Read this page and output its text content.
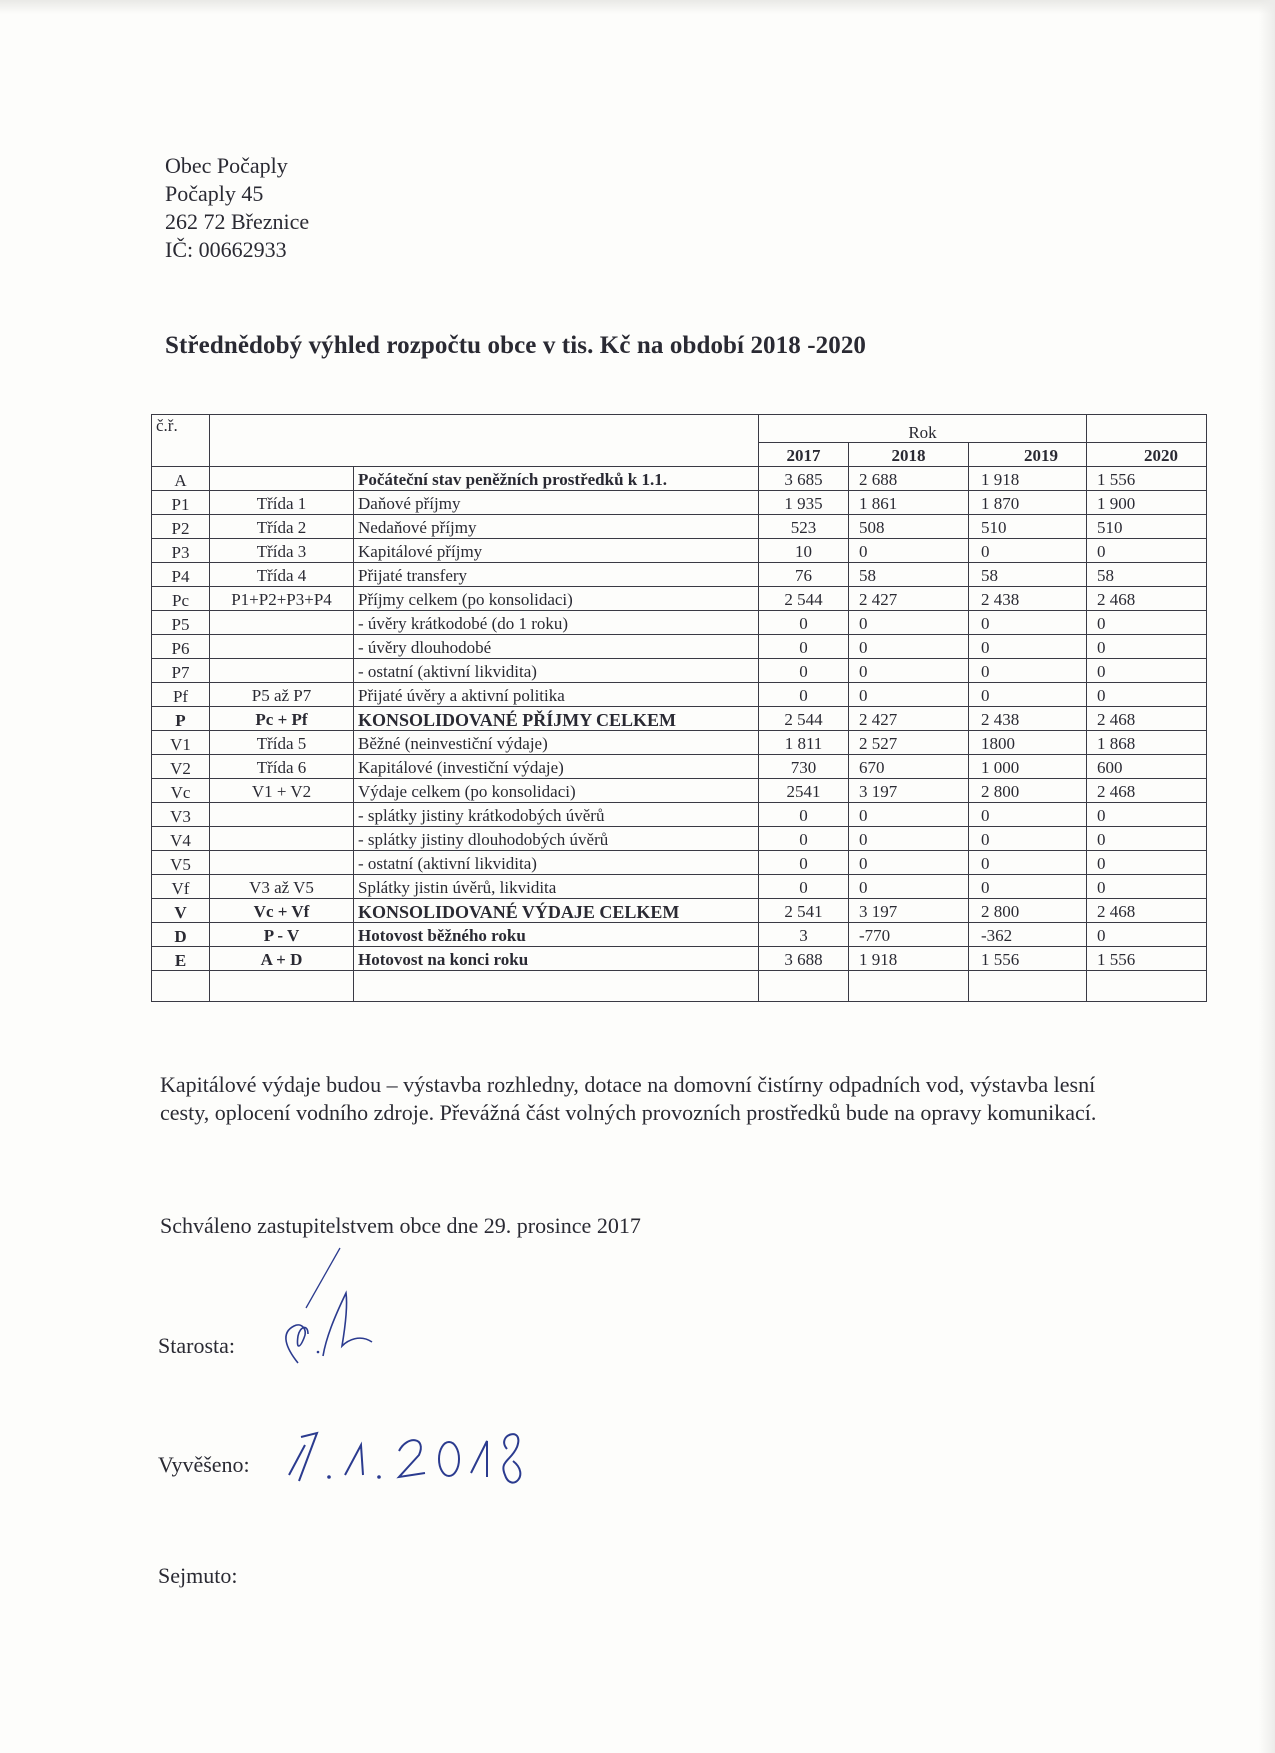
Obec Počaply
Počaply 45
262 72 Březnice
IČ: 00662933
Střednědobý výhled rozpočtu obce v tis. Kč na období 2018 -2020
č.ř.			Rok			
			2017	2018	2019	2020
A		Počáteční stav peněžních prostředků k 1.1.	3 685	2 688	1 918	1 556
P1	Třída 1	Daňové příjmy	1 935	1 861	1 870	1 900
P2	Třída 2	Nedaňové příjmy	523	508	510	510
P3	Třída 3	Kapitálové příjmy	10	0	0	0
P4	Třída 4	Přijaté transfery	76	58	58	58
Pc	P1+P2+P3+P4	Příjmy celkem (po konsolidaci)	2 544	2 427	2 438	2 468
P5		- úvěry krátkodobé (do 1 roku)	0	0	0	0
P6		- úvěry dlouhodobé	0	0	0	0
P7		- ostatní (aktivní likvidita)	0	0	0	0
Pf	P5 až P7	Přijaté úvěry a aktivní politika	0	0	0	0
P	Pc + Pf	KONSOLIDOVANÉ PŘÍJMY CELKEM	2 544	2 427	2 438	2 468
V1	Třída 5	Běžné (neinvestiční výdaje)	1 811	2 527	1800	1 868
V2	Třída 6	Kapitálové (investiční výdaje)	730	670	1 000	600
Vc	V1 + V2	Výdaje celkem (po konsolidaci)	2541	3 197	2 800	2 468
V3		- splátky jistiny krátkodobých úvěrů	0	0	0	0
V4		- splátky jistiny dlouhodobých úvěrů	0	0	0	0
V5		- ostatní (aktivní likvidita)	0	0	0	0
Vf	V3 až V5	Splátky jistin úvěrů, likvidita	0	0	0	0
V	Vc + Vf	KONSOLIDOVANÉ VÝDAJE CELKEM	2 541	3 197	2 800	2 468
D	P - V	Hotovost běžného roku	3	-770	-362	0
E	A + D	Hotovost na konci roku	3 688	1 918	1 556	1 556

Kapitálové výdaje budou – výstavba rozhledny, dotace na domovní čistírny odpadních vod, výstavba lesní cesty, oplocení vodního zdroje. Převážná část volných provozních prostředků bude na opravy komunikací.
Schváleno zastupitelstvem obce dne 29. prosince 2017
Starosta:
Vyvěšeno:
Sejmuto:
